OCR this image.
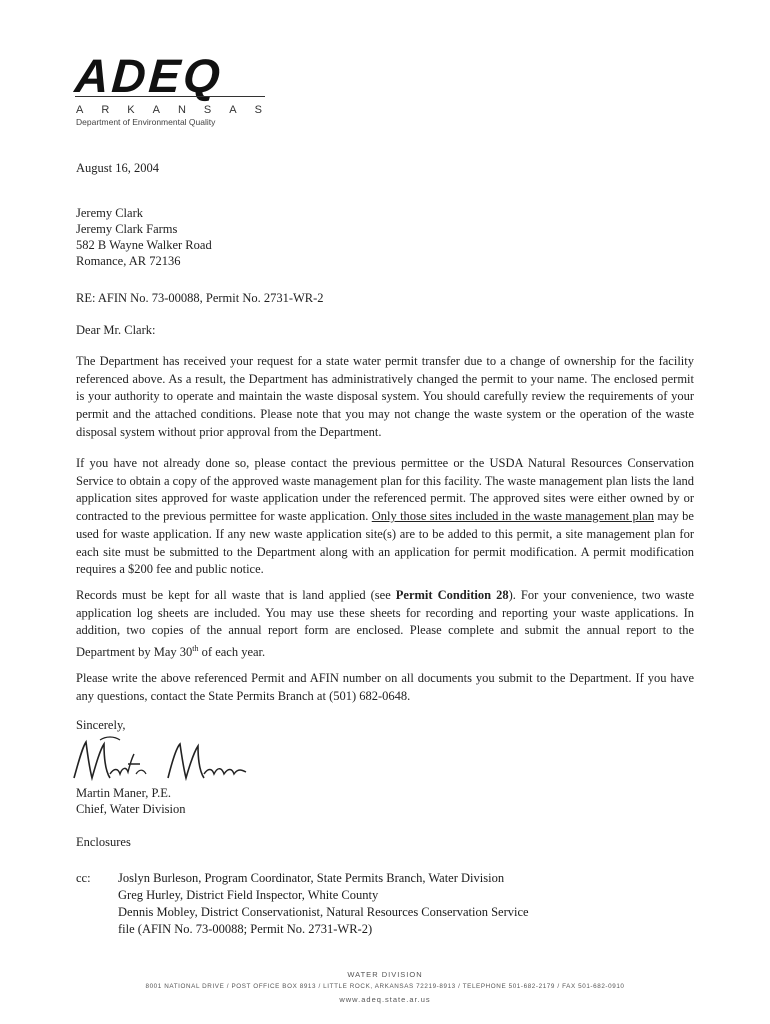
ADEQ
ARKANSAS
Department of Environmental Quality
August 16, 2004
Jeremy Clark
Jeremy Clark Farms
582 B Wayne Walker Road
Romance, AR 72136
RE: AFIN No. 73-00088, Permit No. 2731-WR-2
Dear Mr. Clark:
The Department has received your request for a state water permit transfer due to a change of ownership for the facility referenced above. As a result, the Department has administratively changed the permit to your name. The enclosed permit is your authority to operate and maintain the waste disposal system. You should carefully review the requirements of your permit and the attached conditions. Please note that you may not change the waste system or the operation of the waste disposal system without prior approval from the Department.
If you have not already done so, please contact the previous permittee or the USDA Natural Resources Conservation Service to obtain a copy of the approved waste management plan for this facility. The waste management plan lists the land application sites approved for waste application under the referenced permit. The approved sites were either owned by or contracted to the previous permittee for waste application. Only those sites included in the waste management plan may be used for waste application. If any new waste application site(s) are to be added to this permit, a site management plan for each site must be submitted to the Department along with an application for permit modification. A permit modification requires a $200 fee and public notice.
Records must be kept for all waste that is land applied (see Permit Condition 28). For your convenience, two waste application log sheets are included. You may use these sheets for recording and reporting your waste applications. In addition, two copies of the annual report form are enclosed. Please complete and submit the annual report to the Department by May 30th of each year.
Please write the above referenced Permit and AFIN number on all documents you submit to the Department. If you have any questions, contact the State Permits Branch at (501) 682-0648.
Sincerely,
Martin Maner, P.E.
Chief, Water Division
Enclosures
cc: Joslyn Burleson, Program Coordinator, State Permits Branch, Water Division
Greg Hurley, District Field Inspector, White County
Dennis Mobley, District Conservationist, Natural Resources Conservation Service
file (AFIN No. 73-00088; Permit No. 2731-WR-2)
WATER DIVISION
8001 NATIONAL DRIVE / POST OFFICE BOX 8913 / LITTLE ROCK, ARKANSAS 72219-8913 / TELEPHONE 501-682-2179 / FAX 501-682-0910
www.adeq.state.ar.us
